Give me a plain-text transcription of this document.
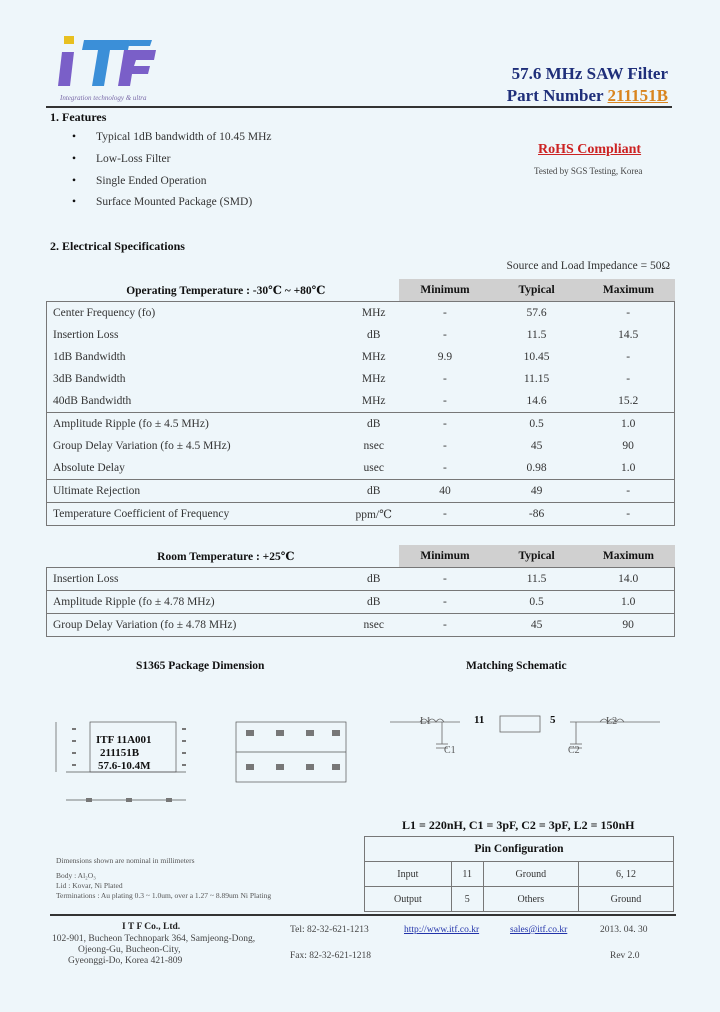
Integration technology & ultra
57.6 MHz SAW Filter
Part Number 211151B
1. Features
• Typical 1dB bandwidth of 10.45 MHz
• Low-Loss Filter
• Single Ended Operation
• Surface Mounted Package (SMD)
RoHS Compliant
Tested by SGS Testing, Korea
2. Electrical Specifications
Source and Load Impedance = 50Ω
Operating Temperature : -30℃ ~ +80℃		Minimum	Typical	Maximum
Center Frequency (fo)	MHz	-	57.6	-
Insertion Loss	dB	-	11.5	14.5
1dB Bandwidth	MHz	9.9	10.45	-
3dB Bandwidth	MHz	-	11.15	-
40dB Bandwidth	MHz	-	14.6	15.2
Amplitude Ripple (fo ± 4.5 MHz)	dB	-	0.5	1.0
Group Delay Variation (fo ± 4.5 MHz)	nsec	-	45	90
Absolute Delay	usec	-	0.98	1.0
Ultimate Rejection	dB	40	49	-
Temperature Coefficient of Frequency	ppm/℃	-	-86	-
Room Temperature : +25℃		Minimum	Typical	Maximum
Insertion Loss	dB	-	11.5	14.0
Amplitude Ripple (fo ± 4.78 MHz)	dB	-	0.5	1.0
Group Delay Variation (fo ± 4.78 MHz)	nsec	-	45	90
S1365 Package Dimension
ITF 11A001
211151B
57.6-10.4M
Matching Schematic
L1	11	5	L2
C1	C2
L1 = 220nH, C1 = 3pF, C2 = 3pF, L2 = 150nH
Pin Configuration			
Input	11	Ground	6, 12
Output	5	Others	Ground
Dimensions shown are nominal in millimeters
Body : Al₂O₃
Lid : Kovar, Ni Plated
Terminations : Au plating 0.3 ~ 1.0um, over a 1.27 ~ 8.89um Ni Plating
I T F Co., Ltd.
102-901, Bucheon Technopark 364, Samjeong-Dong,
Ojeong-Gu, Bucheon-City,
Gyeonggi-Do, Korea 421-809
Tel: 82-32-621-1213
Fax: 82-32-621-1218
http://www.itf.co.kr	sales@itf.co.kr	2013. 04. 30
Rev 2.0
